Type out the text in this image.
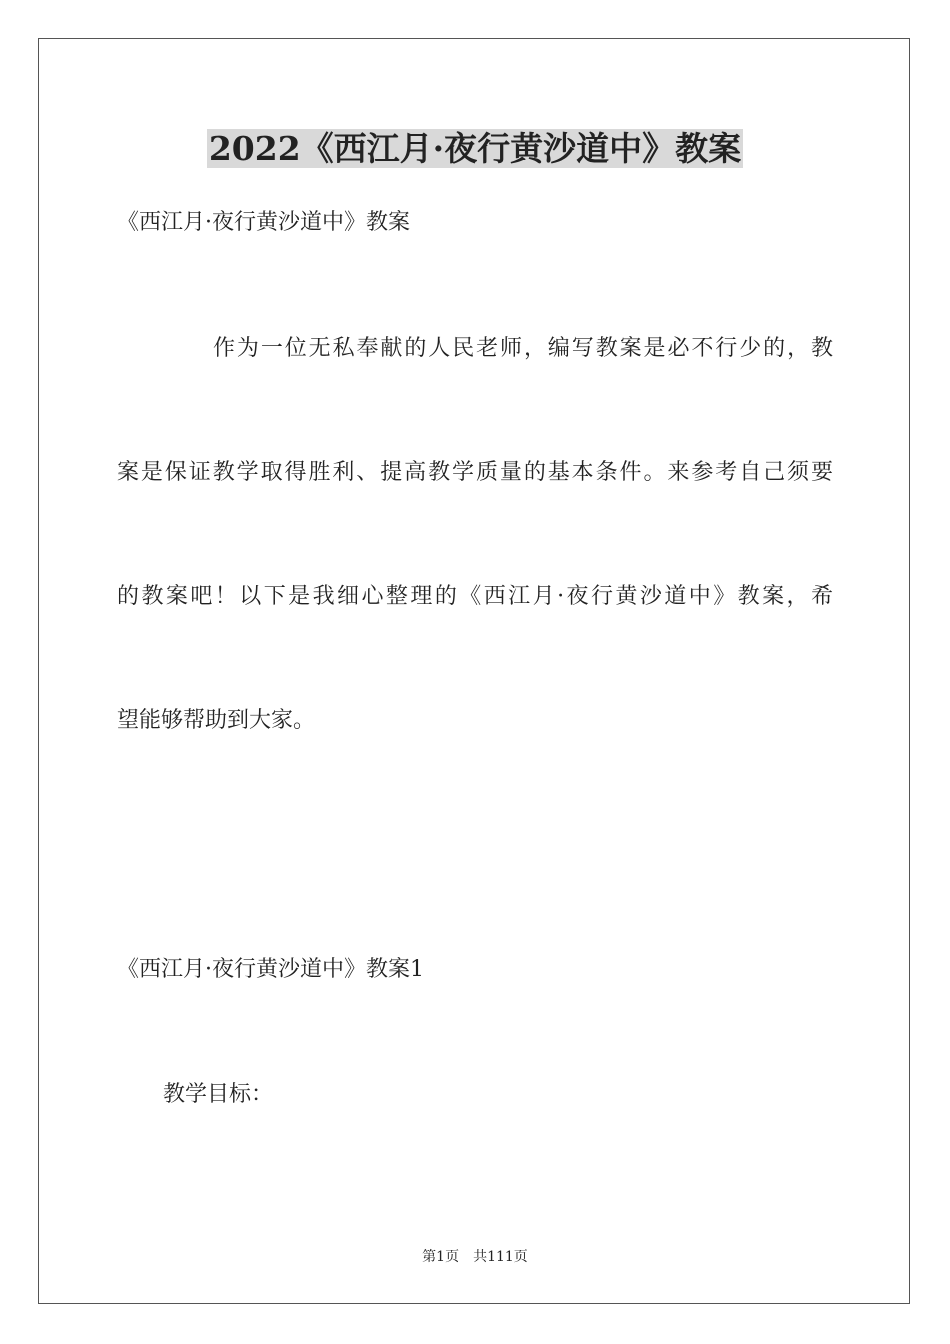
2022《西江月·夜行黄沙道中》教案

《西江月·夜行黄沙道中》教案

作为一位无私奉献的人民老师，编写教案是必不行少的，教

案是保证教学取得胜利、提高教学质量的基本条件。来参考自己须要

的教案吧！以下是我细心整理的《西江月·夜行黄沙道中》教案，希

望能够帮助到大家。

《西江月·夜行黄沙道中》教案1

教学目标：

第1页　共111页
